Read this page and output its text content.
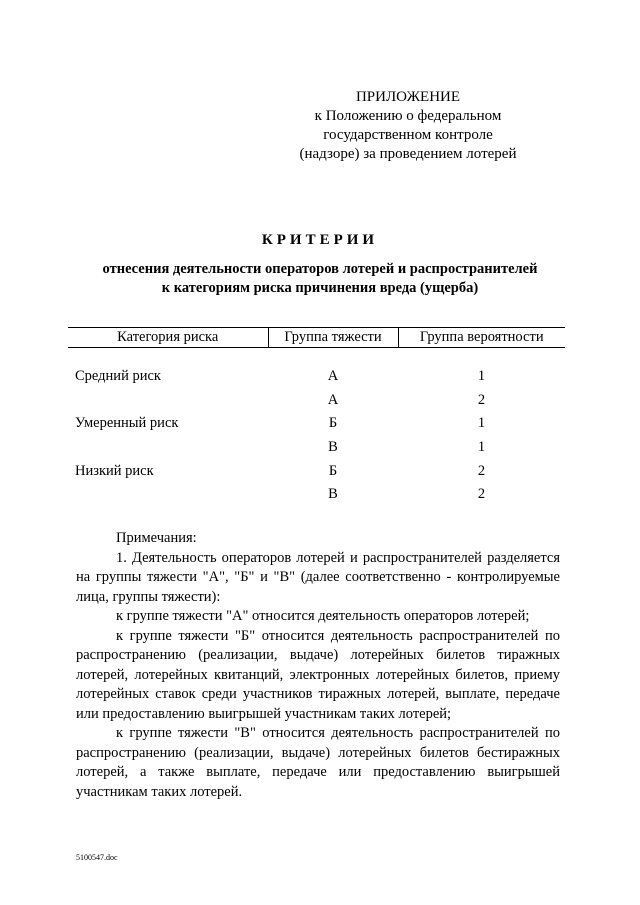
ПРИЛОЖЕНИЕ
к Положению о федеральном
государственном контроле
(надзоре) за проведением лотерей
КРИТЕРИИ
отнесения деятельности операторов лотерей и распространителей
к категориям риска причинения вреда (ущерба)
Категория риска	Группа тяжести	Группа вероятности

Средний риск	А	1
	А	2
Умеренный риск	Б	1
	В	1
Низкий риск	Б	2
	В	2

Примечания:

1. Деятельность операторов лотерей и распространителей разделяется на группы тяжести "А", "Б" и "В" (далее соответственно - контролируемые лица, группы тяжести):

к группе тяжести "А" относится деятельность операторов лотерей;

к группе тяжести "Б" относится деятельность распространителей по распространению (реализации, выдаче) лотерейных билетов тиражных лотерей, лотерейных квитанций, электронных лотерейных билетов, приему лотерейных ставок среди участников тиражных лотерей, выплате, передаче или предоставлению выигрышей участникам таких лотерей;

к группе тяжести "В" относится деятельность распространителей по распространению (реализации, выдаче) лотерейных билетов бестиражных лотерей, а также выплате, передаче или предоставлению выигрышей участникам таких лотерей.

5100547.doc
